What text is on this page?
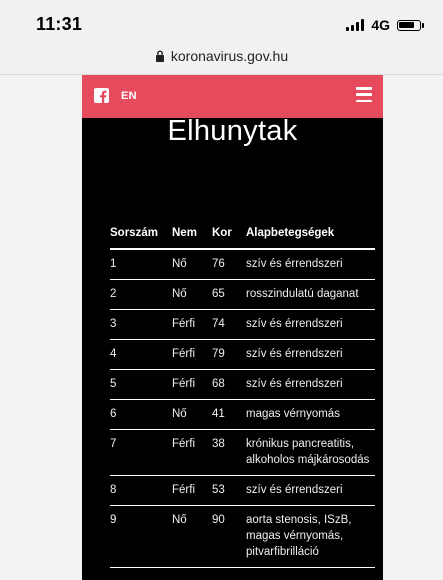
11:31	4G
koronavirus.gov.hu
EN
Elhunytak
Sorszám	Nem	Kor	Alapbetegségek
1	Nő	76	szív és érrendszeri
2	Nő	65	rosszindulatú daganat
3	Férfi	74	szív és érrendszeri
4	Férfi	79	szív és érrendszeri
5	Férfi	68	szív és érrendszeri
6	Nő	41	magas vérnyomás
7	Férfi	38	krónikus pancreatitis, alkoholos májkárosodás
8	Férfi	53	szív és érrendszeri
9	Nő	90	aorta stenosis, ISzB, magas vérnyomás, pitvarfibrilláció
